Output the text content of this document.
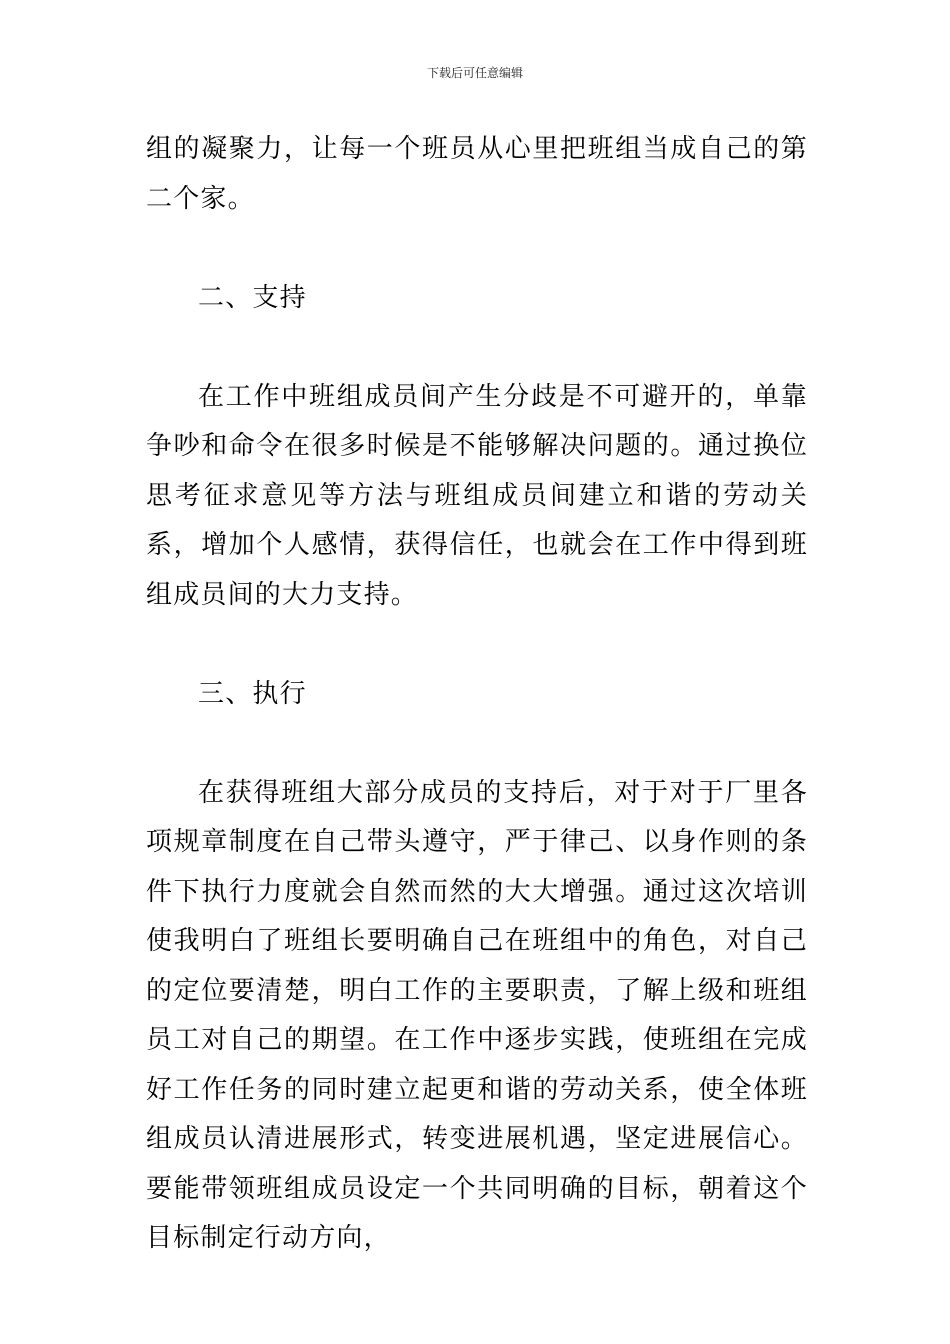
下载后可任意编辑

组的凝聚力，让每一个班员从心里把班组当成自己的第二个家。

二、支持

在工作中班组成员间产生分歧是不可避开的，单靠争吵和命令在很多时候是不能够解决问题的。通过换位思考征求意见等方法与班组成员间建立和谐的劳动关系，增加个人感情，获得信任，也就会在工作中得到班组成员间的大力支持。

三、执行

在获得班组大部分成员的支持后，对于对于厂里各项规章制度在自己带头遵守，严于律己、以身作则的条件下执行力度就会自然而然的大大增强。通过这次培训使我明白了班组长要明确自己在班组中的角色，对自己的定位要清楚，明白工作的主要职责，了解上级和班组员工对自己的期望。在工作中逐步实践，使班组在完成好工作任务的同时建立起更和谐的劳动关系，使全体班组成员认清进展形式，转变进展机遇，坚定进展信心。要能带领班组成员设定一个共同明确的目标，朝着这个目标制定行动方向，
